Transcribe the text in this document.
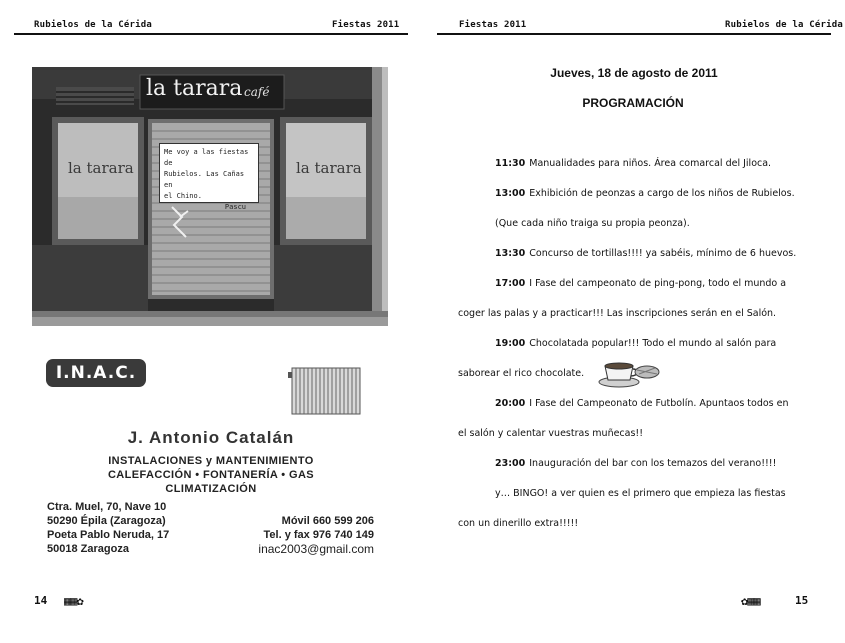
Rubielos de la Cérida	Fiestas 2011
la tarara café
la tarara	la tarara
Me voy a las fiestas de
Rubielos. Las Cañas en
el Chino.
Pascu
I.N.A.C.
J. Antonio Catalán
INSTALACIONES y MANTENIMIENTO
CALEFACCIÓN • FONTANERÍA • GAS
CLIMATIZACIÓN
Ctra. Muel, 70, Nave 10
50290 Épila (Zaragoza)
Poeta Pablo Neruda, 17
50018 Zaragoza
Móvil 660 599 206
Tel. y fax 976 740 149
inac2003@gmail.com
14 ▦▦✿
Fiestas 2011	Rubielos de la Cérida
Jueves, 18 de agosto de 2011
PROGRAMACIÓN
11:30 Manualidades para niños. Área comarcal del Jiloca.
13:00 Exhibición de peonzas a cargo de los niños de Rubielos.
(Que cada niño traiga su propia peonza).
13:30 Concurso de tortillas!!!! ya sabéis, mínimo de 6 huevos.
17:00 I Fase del campeonato de ping-pong, todo el mundo a
coger las palas y a practicar!!! Las inscripciones serán en el Salón.
19:00 Chocolatada popular!!! Todo el mundo al salón para
saborear el rico chocolate.
20:00 I Fase del Campeonato de Futbolín. Apuntaos todos en
el salón y calentar vuestras muñecas!!
23:00 Inauguración del bar con los temazos del verano!!!!
y… BINGO! a ver quien es el primero que empieza las fiestas
con un dinerillo extra!!!!!
✿▦▦	15
